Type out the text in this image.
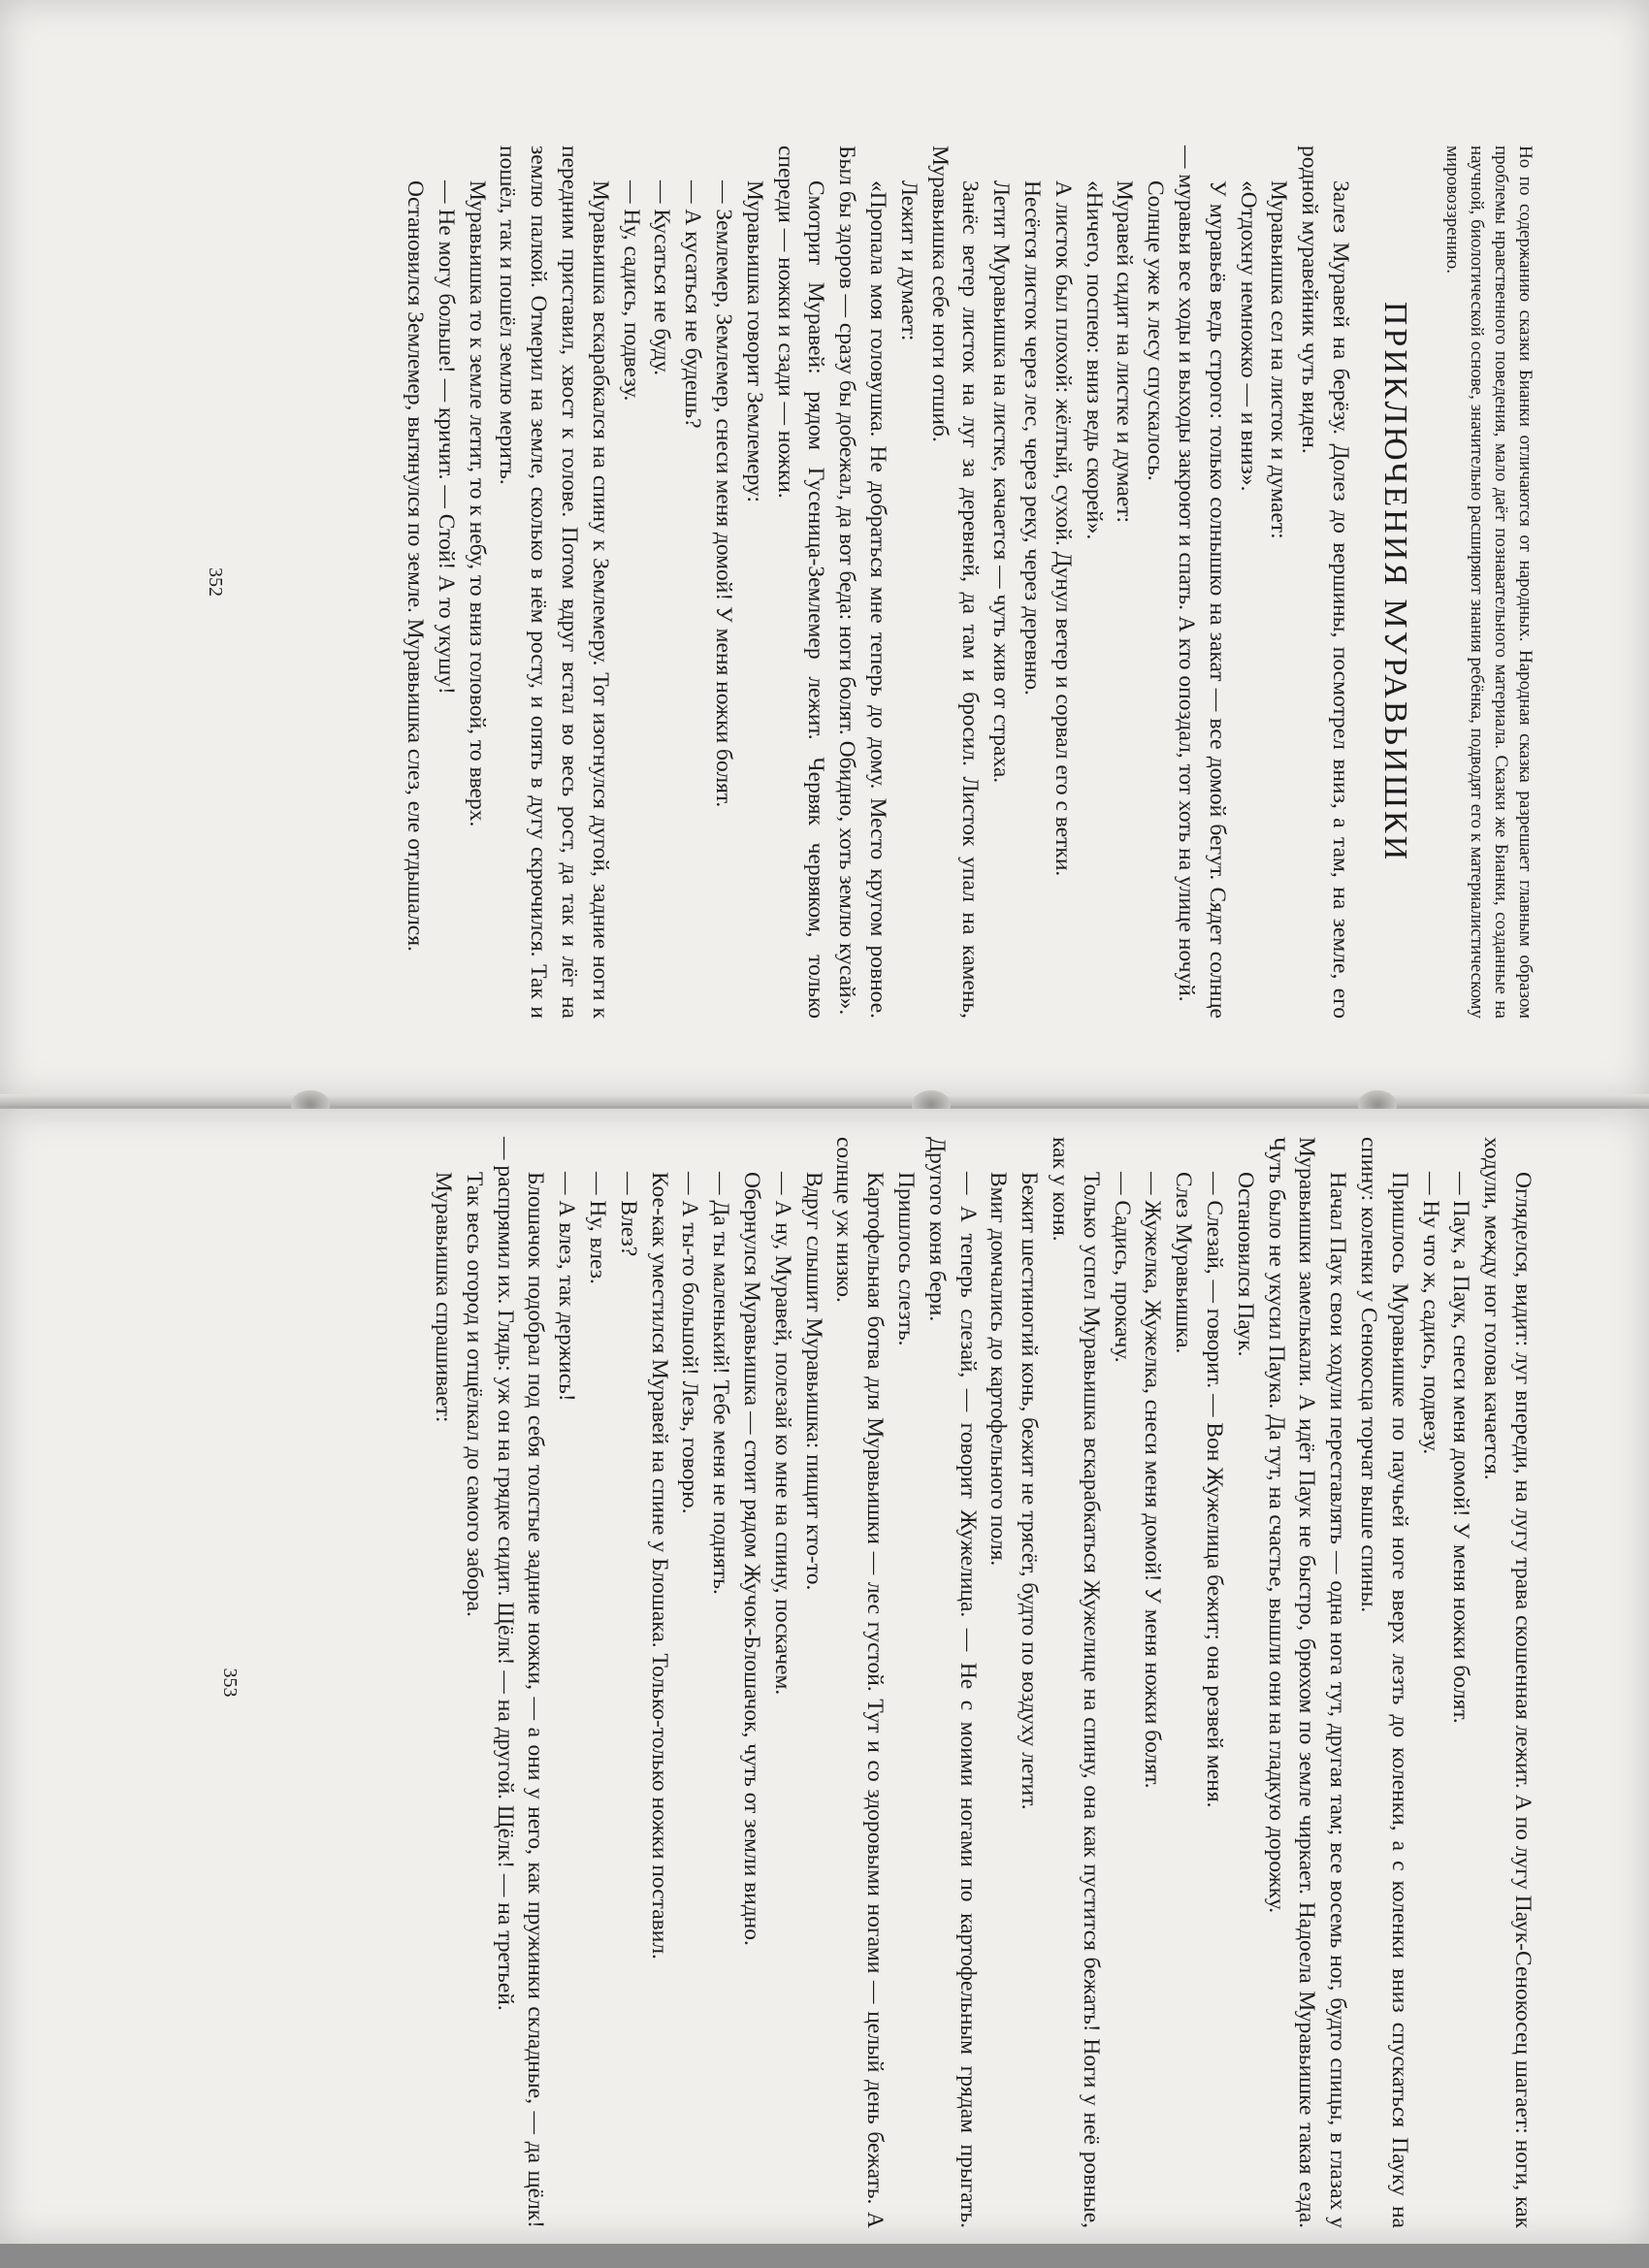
Но по содержанию сказки Бианки отличаются от народных. Народная сказка разрешает главным образом проблемы нравственного поведения, мало даёт познавательного материала. Сказки же Бианки, созданные на научной, биологической основе, значительно расширяют знания ребёнка, подводят его к материалистическому мировоззрению.

ПРИКЛЮЧЕНИЯ МУРАВЬИШКИ

Залез Муравей на берёзу. Долез до вершины, посмотрел вниз, а там, на земле, его родной муравейник чуть виден.

Муравьишка сел на листок и думает:

«Отдохну немножко — и вниз».

У муравьёв ведь строго: только солнышко на закат — все домой бегут. Сядет солнце — муравьи все ходы и выходы закроют и спать. А кто опоздал, тот хоть на улице ночуй.

Солнце уже к лесу спускалось.

Муравей сидит на листке и думает:

«Ничего, поспею: вниз ведь скорей».

А листок был плохой: жёлтый, сухой. Дунул ветер и сорвал его с ветки.

Несётся листок через лес, через реку, через деревню.

Летит Муравьишка на листке, качается — чуть жив от страха.

Занёс ветер листок на луг за деревней, да там и бросил. Листок упал на камень, Муравьишка себе ноги отшиб.

Лежит и думает:

«Пропала моя головушка. Не добраться мне теперь до дому. Место кругом ровное. Был бы здоров — сразу бы добежал, да вот беда: ноги болят. Обидно, хоть землю кусай».

Смотрит Муравей: рядом Гусеница-Землемер лежит. Червяк червяком, только спереди — ножки и сзади — ножки.

Муравьишка говорит Землемеру:

— Землемер, Землемер, снеси меня домой! У меня ножки болят.

— А кусаться не будешь?

— Кусаться не буду.

— Ну, садись, подвезу.

Муравьишка вскарабкался на спину к Землемеру. Тот изогнулся дугой, задние ноги к передним приставил, хвост к голове. Потом вдруг встал во весь рост, да так и лёг на землю палкой. Отмерил на земле, сколько в нём росту, и опять в дугу скрючился. Так и пошёл, так и пошёл землю мерить.

Муравьишка то к земле летит, то к небу, то вниз головой, то вверх.

— Не могу больше! — кричит. — Стой! А то укушу!

Остановился Землемер, вытянулся по земле. Муравьишка слез, еле отдышался.

352

Огляделся, видит: луг впереди, на лугу трава скошенная лежит. А по лугу Паук-Сенокосец шагает: ноги, как ходули, между ног голова качается.

— Паук, а Паук, снеси меня домой! У меня ножки болят.

— Ну что ж, садись, подвезу.

Пришлось Муравьишке по паучьей ноге вверх лезть до коленки, а с коленки вниз спускаться Пауку на спину: коленки у Сенокосца торчат выше спины.

Начал Паук свои ходули переставлять — одна нога тут, другая там; все восемь ног, будто спицы, в глазах у Муравьишки замелькали. А идёт Паук не быстро, брюхом по земле чиркает. Надоела Муравьишке такая езда. Чуть было не укусил Паука. Да тут, на счастье, вышли они на гладкую дорожку.

Остановился Паук.

— Слезай, — говорит. — Вон Жужелица бежит; она резвей меня.

Слез Муравьишка.

— Жужелка, Жужелка, снеси меня домой! У меня ножки болят.

— Садись, прокачу.

Только успел Муравьишка вскарабкаться Жужелице на спину, она как пустится бежать! Ноги у неё ровные, как у коня.

Бежит шестиногий конь, бежит не трясёт, будто по воздуху летит.

Вмиг домчались до картофельного поля.

— А теперь слезай, — говорит Жужелица. — Не с моими ногами по картофельным грядам прыгать. Другого коня бери.

Пришлось слезть.

Картофельная ботва для Муравьишки — лес густой. Тут и со здоровыми ногами — целый день бежать. А солнце уж низко.

Вдруг слышит Муравьишка: пищит кто-то.

— А ну, Муравей, полезай ко мне на спину, поскачем.

Обернулся Муравьишка — стоит рядом Жучок-Блошачок, чуть от земли видно.

— Да ты маленький! Тебе меня не поднять.

— А ты-то большой! Лезь, говорю.

Кое-как уместился Муравей на спине у Блошака. Только-только ножки поставил.

— Влез?

— Ну, влез.

— А влез, так держись!

Блошачок подобрал под себя толстые задние ножки, — а они у него, как пружинки складные, — да щёлк! — распрямил их. Глядь: уж он на грядке сидит. Щёлк! — на другой. Щёлк! — на третьей.

Так весь огород и отщёлкал до самого забора.

Муравьишка спрашивает:

353
